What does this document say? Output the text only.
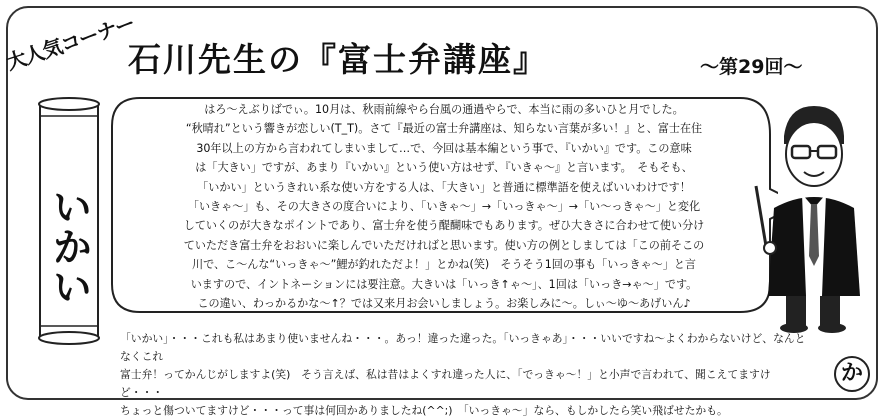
大人気コーナー
石川先生の『富士弁講座』	～第29回～
いかい
はろ～えぶりばでぃ。10月は、秋雨前線やら台風の通過やらで、本当に雨の多いひと月でした。
“秋晴れ”という響きが恋しい(T_T)。さて『最近の富士弁講座は、知らない言葉が多い！』と、富士在住
30年以上の方から言われてしまいまして…で、今回は基本編という事で、『いかい』です。この意味
は「大きい」ですが、あまり『いかい』という使い方はせず、『いきゃ～』と言います。　そもそも、
「いかい」というきれい系な使い方をする人は、「大きい」と普通に標準語を使えばいいわけです！
「いきゃ～」も、その大きさの度合いにより、「いきゃ～」→「いっきゃ～」→「い～っきゃ～」と変化
していくのが大きなポイントであり、富士弁を使う醍醐味でもあります。ぜひ大きさに合わせて使い分け
ていただき富士弁をおおいに楽しんでいただければと思います。使い方の例としましては「この前そこの
川で、こ～んな“いっきゃ～”鯉が釣れただよ！」とかね(笑)　そうそう1回の事も「いっきゃ～」と言
いますので、イントネーションには要注意。大きいは「いっき↑ゃ～」、1回は「いっき→ゃ～」です。
この違い、わっかるかな～↑？では又来月お会いしましょう。お楽しみに～。しぃ～ゆ～あげいん♪
「いかい」・・・これも私はあまり使いませんね・・・。あっ！違った違った。「いっきゃあ」・・・いいですね～よくわからないけど、なんとなくこれ
富士弁！ってかんじがしますよ(笑)　そう言えば、私は昔はよくすれ違った人に、「でっきゃ～！」と小声で言われて、聞こえてますけど・・・
ちょっと傷ついてますけど・・・って事は何回かありましたね(^^;)　「いっきゃ～」なら、もしかしたら笑い飛ばせたかも。
か
